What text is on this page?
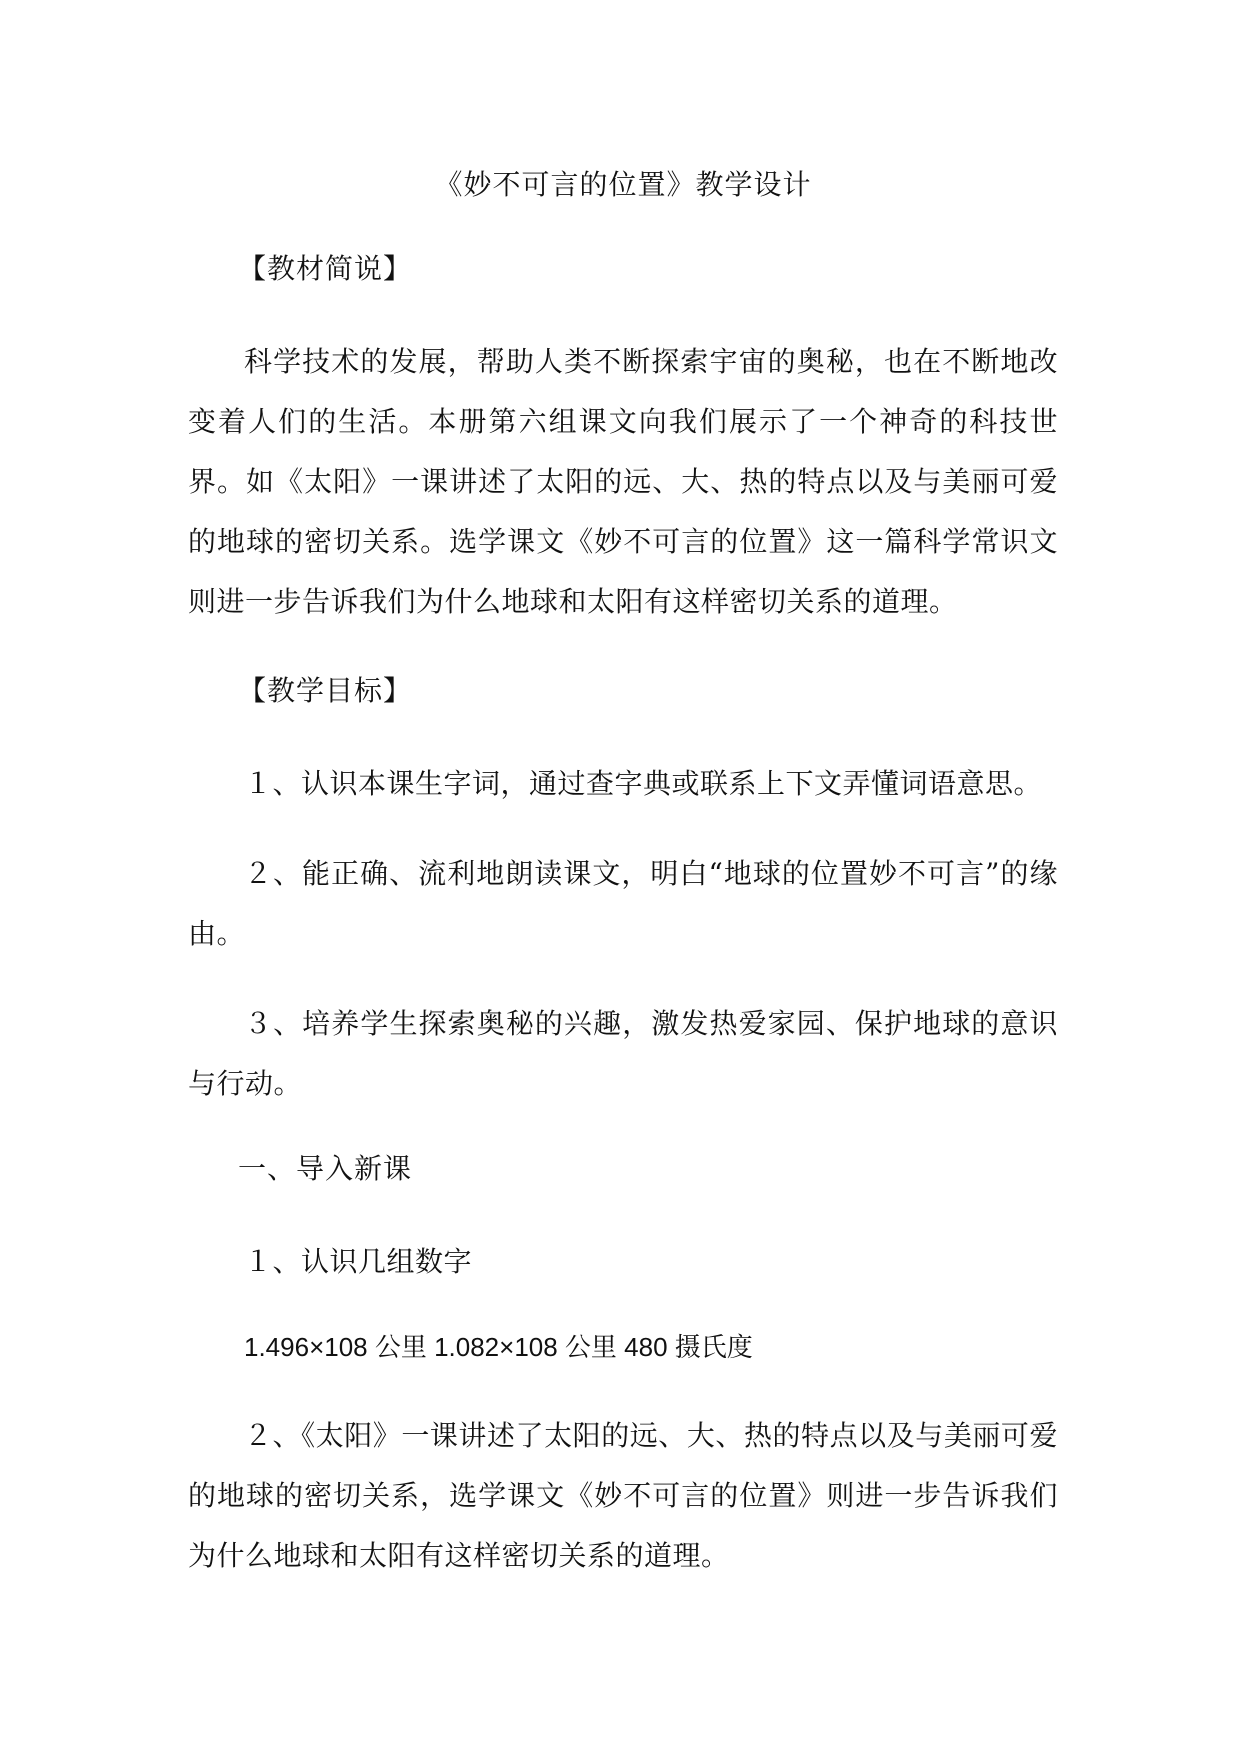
《妙不可言的位置》教学设计
【教材简说】
科学技术的发展，帮助人类不断探索宇宙的奥秘，也在不断地改变着人们的生活。本册第六组课文向我们展示了一个神奇的科技世界。如《太阳》一课讲述了太阳的远、大、热的特点以及与美丽可爱的地球的密切关系。选学课文《妙不可言的位置》这一篇科学常识文则进一步告诉我们为什么地球和太阳有这样密切关系的道理。
【教学目标】
１、认识本课生字词，通过查字典或联系上下文弄懂词语意思。
２、能正确、流利地朗读课文，明白“地球的位置妙不可言”的缘由。
３、培养学生探索奥秘的兴趣，激发热爱家园、保护地球的意识与行动。
一、导入新课
１、认识几组数字
1.496×108 公里 1.082×108 公里 480 摄氏度
２、《太阳》一课讲述了太阳的远、大、热的特点以及与美丽可爱的地球的密切关系，选学课文《妙不可言的位置》则进一步告诉我们为什么地球和太阳有这样密切关系的道理。
